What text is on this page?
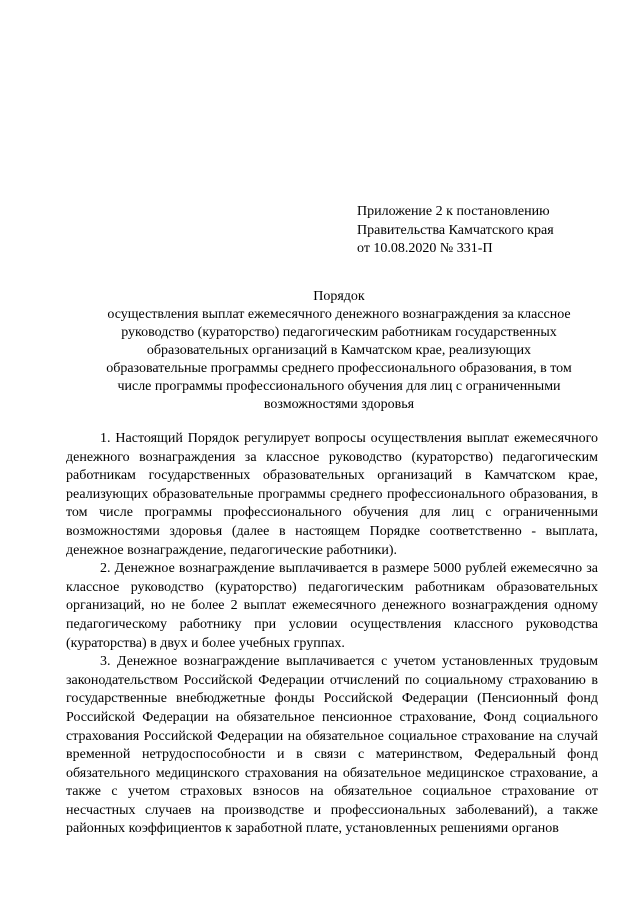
Приложение 2 к постановлению
Правительства Камчатского края
от 10.08.2020 № 331-П
Порядок
осуществления выплат ежемесячного денежного вознаграждения за классное
руководство (кураторство) педагогическим работникам государственных
образовательных организаций в Камчатском крае, реализующих
образовательные программы среднего профессионального образования, в том
числе программы профессионального обучения для лиц с ограниченными
возможностями здоровья

1. Настоящий Порядок регулирует вопросы осуществления выплат ежемесячного денежного вознаграждения за классное руководство (кураторство) педагогическим работникам государственных образовательных организаций в Камчатском крае, реализующих образовательные программы среднего профессионального образования, в том числе программы профессионального обучения для лиц с ограниченными возможностями здоровья (далее в настоящем Порядке соответственно - выплата, денежное вознаграждение, педагогические работники).

2. Денежное вознаграждение выплачивается в размере 5000 рублей ежемесячно за классное руководство (кураторство) педагогическим работникам образовательных организаций, но не более 2 выплат ежемесячного денежного вознаграждения одному педагогическому работнику при условии осуществления классного руководства (кураторства) в двух и более учебных группах.

3. Денежное вознаграждение выплачивается с учетом установленных трудовым законодательством Российской Федерации отчислений по социальному страхованию в государственные внебюджетные фонды Российской Федерации (Пенсионный фонд Российской Федерации на обязательное пенсионное страхование, Фонд социального страхования Российской Федерации на обязательное социальное страхование на случай временной нетрудоспособности и в связи с материнством, Федеральный фонд обязательного медицинского страхования на обязательное медицинское страхование, а также с учетом страховых взносов на обязательное социальное страхование от несчастных случаев на производстве и профессиональных заболеваний), а также районных коэффициентов к заработной плате, установленных решениями органов
